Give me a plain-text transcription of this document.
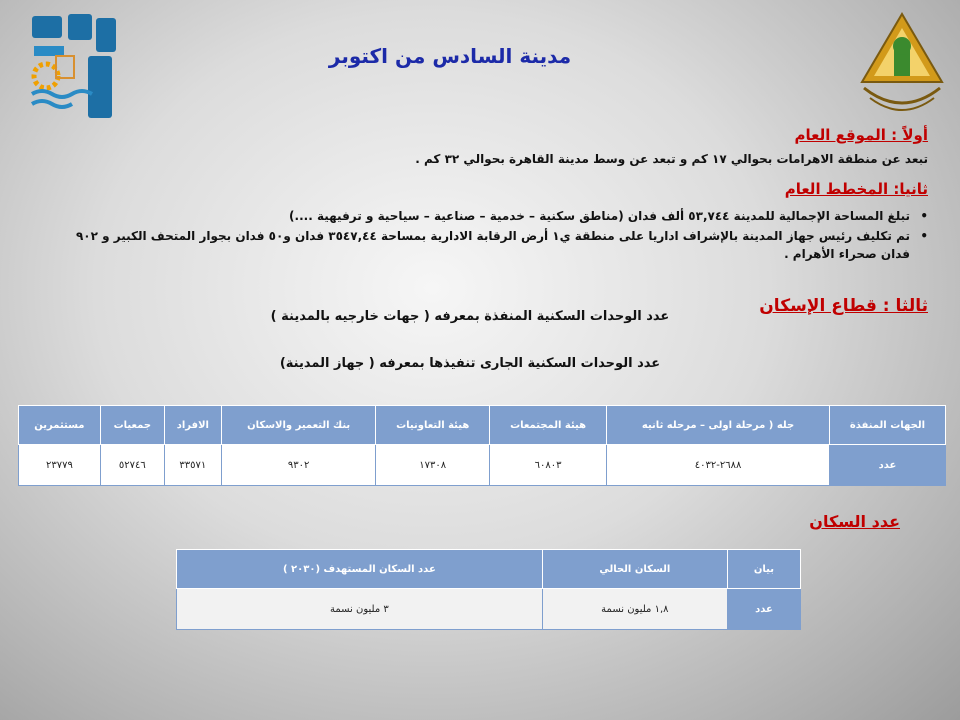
مدينة السادس من اكتوبر
أولاً : الموقع العام
تبعد عن منطقة الاهرامات بحوالي ١٧ كم و تبعد عن وسط مدينة القاهرة بحوالي ٣٢ كم .
ثانيا: المخطط العام
•
تبلغ المساحة الإجمالية للمدينة ٥٣,٧٤٤ ألف فدان (مناطق سكنية – خدمية – صناعية – سياحية و ترفيهية ....)
•
تم تكليف رئيس جهاز المدينة بالإشراف اداريا على منطقة ي١ أرض الرقابة الادارية بمساحة ٣٥٤٧,٤٤ فدان و٥٠ فدان بجوار المتحف الكبير و ٩٠٢ فدان صحراء الأهرام .
ثالثا : قطاع الإسكان
عدد الوحدات السكنية المنفذة بمعرفه ( جهات خارجيه بالمدينة )
عدد الوحدات السكنية الجارى تنفيذها بمعرفه ( جهاز المدينة)
الجهات المنفذة	جله ( مرحلة اولى – مرحله ثانيه	هيئة المجتمعات	هيئة التعاونيات	بنك التعمير والاسكان	الافراد	جمعيات	مستثمرين
عدد	٢٦٨٨-٤٠٣٢	٦٠٨٠٣	١٧٣٠٨	٩٣٠٢	٣٣٥٧١	٥٢٧٤٦	٢٣٧٧٩
عدد السكان
بيان	السكان الحالي	عدد السكان المستهدف (٢٠٣٠ )
عدد	١,٨ مليون نسمة	٣ مليون نسمة
